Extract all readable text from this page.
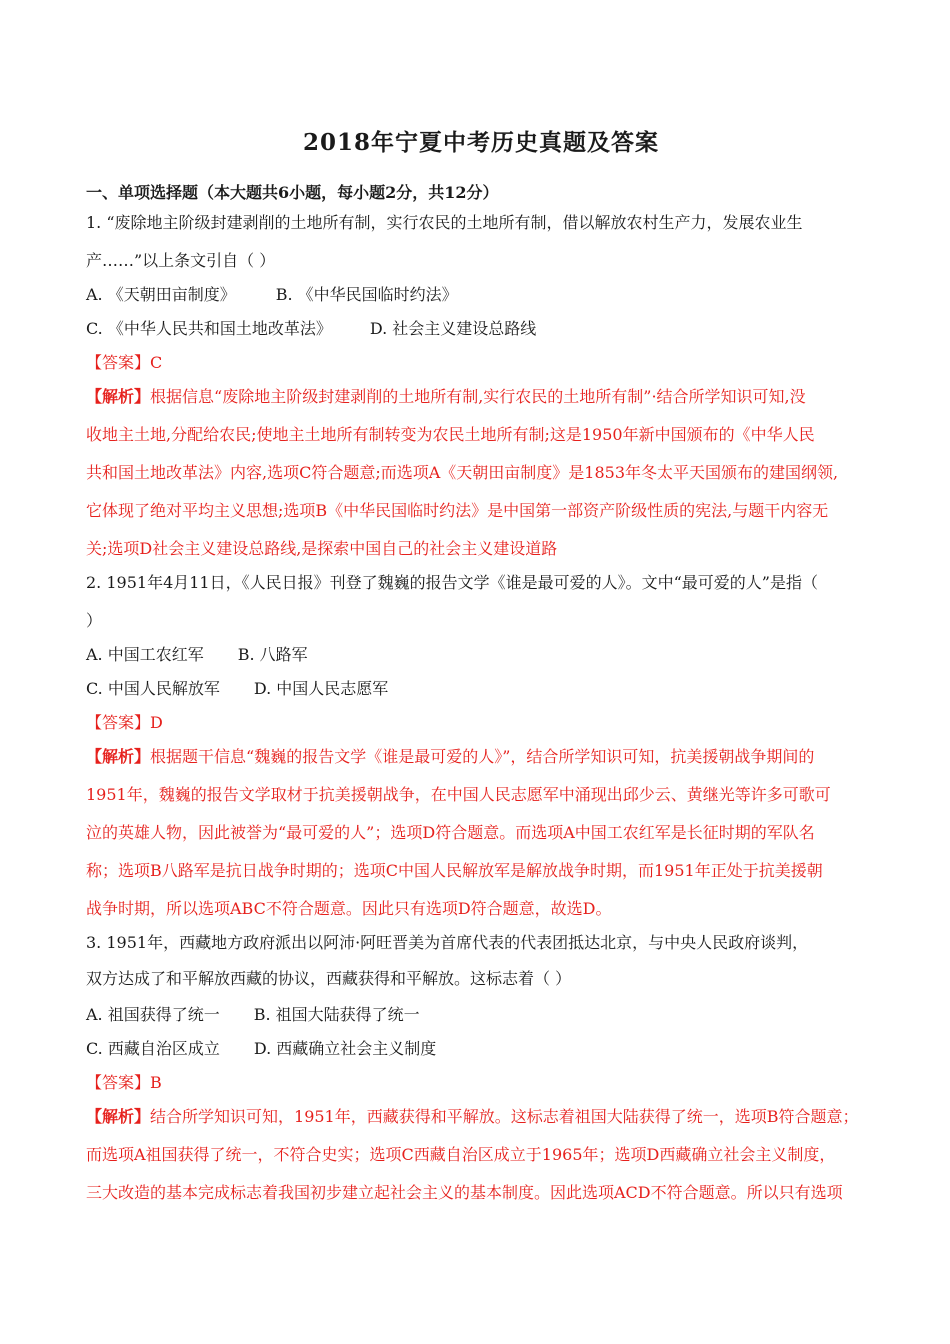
2018年宁夏中考历史真题及答案
一、单项选择题（本大题共6小题，每小题2分，共12分）
1. “废除地主阶级封建剥削的土地所有制，实行农民的土地所有制，借以解放农村生产力，发展农业生
产……”以上条文引自（ ）
A. 《天朝田亩制度》	B. 《中华民国临时约法》
C. 《中华人民共和国土地改革法》 D. 社会主义建设总路线
【答案】C
【解析】根据信息“废除地主阶级封建剥削的土地所有制,实行农民的土地所有制”·结合所学知识可知,没
收地主土地,分配给农民;使地主土地所有制转变为农民土地所有制;这是1950年新中国颁布的《中华人民
共和国土地改革法》内容,选项C符合题意;而选项A《天朝田亩制度》是1853年冬太平天国颁布的建国纲领,
它体现了绝对平均主义思想;选项B《中华民国临时约法》是中国第一部资产阶级性质的宪法,与题干内容无
关;选项D社会主义建设总路线,是探索中国自己的社会主义建设道路
2. 1951年4月11日，《人民日报》刊登了魏巍的报告文学《谁是最可爱的人》。文中“最可爱的人”是指（
）
A. 中国工农红军 B. 八路军
C. 中国人民解放军 D. 中国人民志愿军
【答案】D
【解析】根据题干信息“魏巍的报告文学《谁是最可爱的人》”，结合所学知识可知，抗美援朝战争期间的
1951年，魏巍的报告文学取材于抗美援朝战争，在中国人民志愿军中涌现出邱少云、黄继光等许多可歌可
泣的英雄人物，因此被誉为“最可爱的人”；选项D符合题意。而选项A中国工农红军是长征时期的军队名
称；选项B八路军是抗日战争时期的；选项C中国人民解放军是解放战争时期，而1951年正处于抗美援朝
战争时期，所以选项ABC不符合题意。因此只有选项D符合题意，故选D。
3. 1951年，西藏地方政府派出以阿沛·阿旺晋美为首席代表的代表团抵达北京，与中央人民政府谈判，
双方达成了和平解放西藏的协议，西藏获得和平解放。这标志着（ ）
A. 祖国获得了统一 B. 祖国大陆获得了统一
C. 西藏自治区成立 D. 西藏确立社会主义制度
【答案】B
【解析】结合所学知识可知，1951年，西藏获得和平解放。这标志着祖国大陆获得了统一，选项B符合题意；
而选项A祖国获得了统一，不符合史实；选项C西藏自治区成立于1965年；选项D西藏确立社会主义制度，
三大改造的基本完成标志着我国初步建立起社会主义的基本制度。因此选项ACD不符合题意。所以只有选项
